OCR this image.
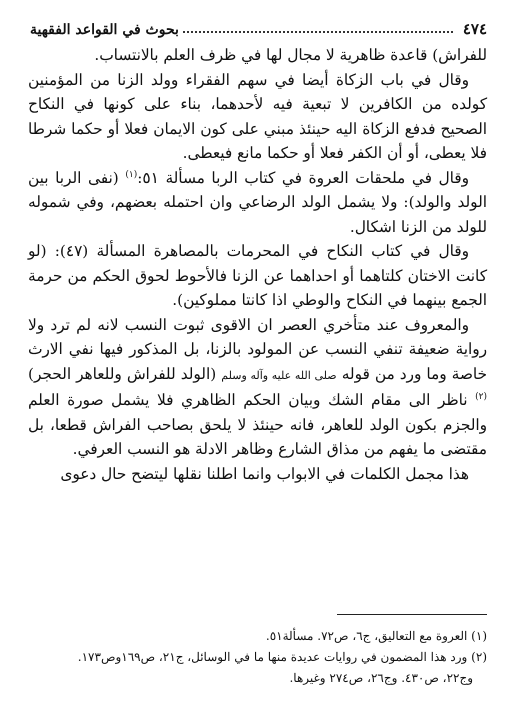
٤٧٤
بحوث في القواعد الفقهية

للفراش) قاعدة ظاهرية لا مجال لها في ظرف العلم بالانتساب.

وقال في باب الزكاة أيضا في سهم الفقراء وولد الزنا من المؤمنين كولده من الكافرين لا تبعية فيه لأحدهما، بناء على كونها في النكاح الصحيح فدفع الزكاة اليه حينئذ مبني على كون الايمان فعلا أو حكما شرطا فلا يعطى، أو أن الكفر فعلا أو حكما مانع فيعطى.

وقال في ملحقات العروة في كتاب الربا مسألة ٥١:$^{(١)}$ (نفى الربا بين الولد والولد): ولا يشمل الولد الرضاعي وان احتمله بعضهم، وفي شموله للولد من الزنا اشكال.

وقال في كتاب النكاح في المحرمات بالمصاهرة المسألة (٤٧): (لو كانت الاختان كلتاهما أو احداهما عن الزنا فالأحوط لحوق الحكم من حرمة الجمع بينهما في النكاح والوطي اذا كانتا مملوكين).

والمعروف عند متأخري العصر ان الاقوى ثبوت النسب لانه لم ترد ولا رواية ضعيفة تنفي النسب عن المولود بالزنا، بل المذكور فيها نفي الارث خاصة وما ورد من قوله صلى الله عليه وآله وسلم (الولد للفراش وللعاهر الحجر)$^{(٢)}$ ناظر الى مقام الشك وبيان الحكم الظاهري فلا يشمل صورة العلم والجزم بكون الولد للعاهر، فانه حينئذ لا يلحق بصاحب الفراش قطعا، بل مقتضى ما يفهم من مذاق الشارع وظاهر الادلة هو النسب العرفي.

هذا مجمل الكلمات في الابواب وانما اطلنا نقلها ليتضح حال دعوى

(١) العروة مع التعاليق، ج٦، ص٧٢. مسألة٥١.

(٢) ورد هذا المضمون في روايات عديدة منها ما في الوسائل، ج٢١، ص١٦٩وص١٧٣.

وج٢٢، ص٤٣٠. وج٢٦، ص٢٧٤ وغيرها.
